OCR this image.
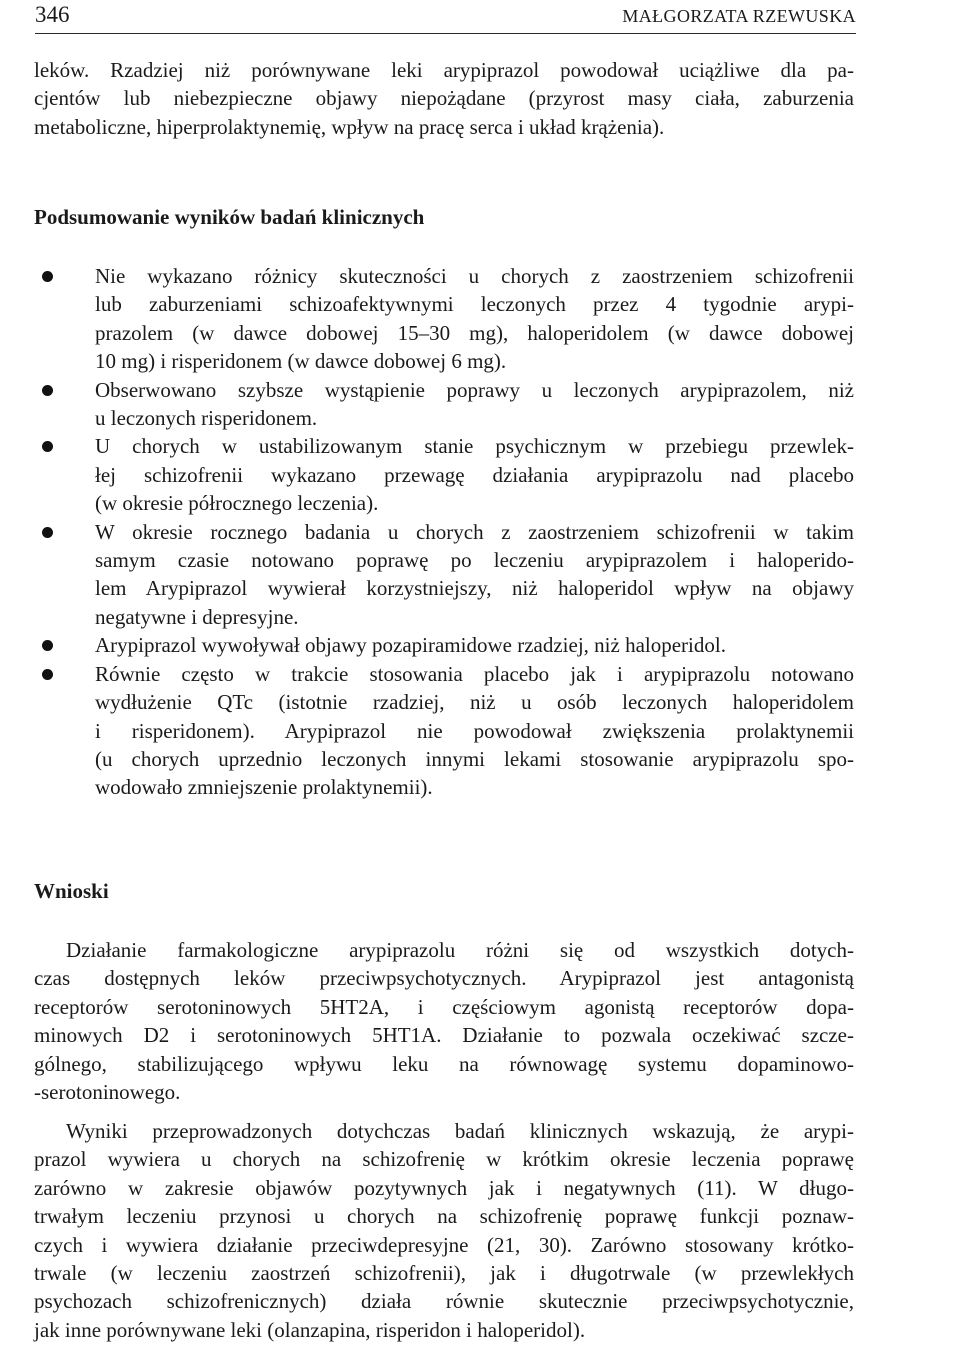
346	MAŁGORZATA RZEWUSKA
leków. Rzadziej niż porównywane leki arypiprazol powodował uciążliwe dla pa-
cjentów lub niebezpieczne objawy niepożądane (przyrost masy ciała, zaburzenia
metaboliczne, hiperprolaktynemię, wpływ na pracę serca i układ krążenia).
Podsumowanie wyników badań klinicznych
Nie wykazano różnicy skuteczności u chorych z zaostrzeniem schizofrenii
lub zaburzeniami schizoafektywnymi leczonych przez 4 tygodnie arypi-
prazolem (w dawce dobowej 15–30 mg), haloperidolem (w dawce dobowej
10 mg) i risperidonem (w dawce dobowej 6 mg).
Obserwowano szybsze wystąpienie poprawy u leczonych arypiprazolem, niż
u leczonych risperidonem.
U chorych w ustabilizowanym stanie psychicznym w przebiegu przewlek-
łej schizofrenii wykazano przewagę działania arypiprazolu nad placebo
(w okresie półrocznego leczenia).
W okresie rocznego badania u chorych z zaostrzeniem schizofrenii w takim
samym czasie notowano poprawę po leczeniu arypiprazolem i haloperido-
lem Arypiprazol wywierał korzystniejszy, niż haloperidol wpływ na objawy
negatywne i depresyjne.
Arypiprazol wywoływał objawy pozapiramidowe rzadziej, niż haloperidol.
Równie często w trakcie stosowania placebo jak i arypiprazolu notowano
wydłużenie QTc (istotnie rzadziej, niż u osób leczonych haloperidolem
i risperidonem). Arypiprazol nie powodował zwiększenia prolaktynemii
(u chorych uprzednio leczonych innymi lekami stosowanie arypiprazolu spo-
wodowało zmniejszenie prolaktynemii).
Wnioski
Działanie farmakologiczne arypiprazolu różni się od wszystkich dotych-
czas dostępnych leków przeciwpsychotycznych. Arypiprazol jest antagonistą
receptorów serotoninowych 5HT2A, i częściowym agonistą receptorów dopa-
minowych D2 i serotoninowych 5HT1A. Działanie to pozwala oczekiwać szcze-
gólnego, stabilizującego wpływu leku na równowagę systemu dopaminowo-
-serotoninowego.
Wyniki przeprowadzonych dotychczas badań klinicznych wskazują, że arypi-
prazol wywiera u chorych na schizofrenię w krótkim okresie leczenia poprawę
zarówno w zakresie objawów pozytywnych jak i negatywnych (11). W długo-
trwałym leczeniu przynosi u chorych na schizofrenię poprawę funkcji poznaw-
czych i wywiera działanie przeciwdepresyjne (21, 30). Zarówno stosowany krótko-
trwale (w leczeniu zaostrzeń schizofrenii), jak i długotrwale (w przewlekłych
psychozach schizofrenicznych) działa równie skutecznie przeciwpsychotycznie,
jak inne porównywane leki (olanzapina, risperidon i haloperidol).
